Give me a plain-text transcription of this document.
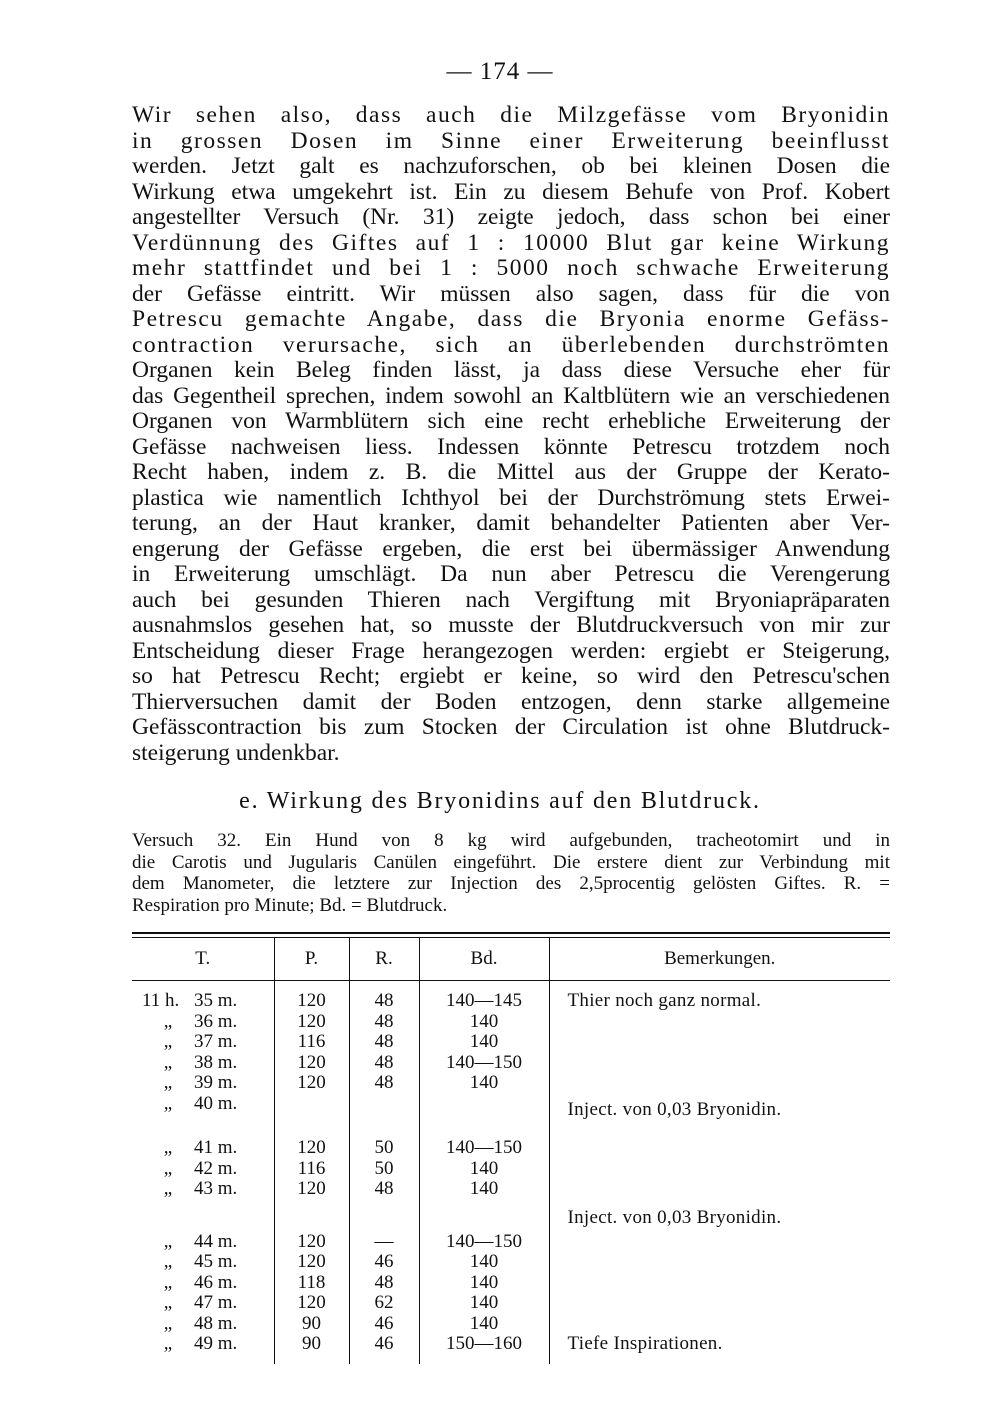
— 174 —
Wir sehen also, dass auch die Milzgefässe vom Bryonidin
in grossen Dosen im Sinne einer Erweiterung beeinflusst
werden. Jetzt galt es nachzuforschen, ob bei kleinen Dosen die
Wirkung etwa umgekehrt ist. Ein zu diesem Behufe von Prof. Kobert
angestellter Versuch (Nr. 31) zeigte jedoch, dass schon bei einer
Verdünnung des Giftes auf 1 : 10000 Blut gar keine Wirkung
mehr stattfindet und bei 1 : 5000 noch schwache Erweiterung
der Gefässe eintritt. Wir müssen also sagen, dass für die von
Petrescu gemachte Angabe, dass die Bryonia enorme Gefäss-
contraction verursache, sich an überlebenden durchströmten
Organen kein Beleg finden lässt, ja dass diese Versuche eher für
das Gegentheil sprechen, indem sowohl an Kaltblütern wie an verschiedenen
Organen von Warmblütern sich eine recht erhebliche Erweiterung der
Gefässe nachweisen liess. Indessen könnte Petrescu trotzdem noch
Recht haben, indem z. B. die Mittel aus der Gruppe der Kerato-
plastica wie namentlich Ichthyol bei der Durchströmung stets Erwei-
terung, an der Haut kranker, damit behandelter Patienten aber Ver-
engerung der Gefässe ergeben, die erst bei übermässiger Anwendung
in Erweiterung umschlägt. Da nun aber Petrescu die Verengerung
auch bei gesunden Thieren nach Vergiftung mit Bryoniapräparaten
ausnahmslos gesehen hat, so musste der Blutdruckversuch von mir zur
Entscheidung dieser Frage herangezogen werden: ergiebt er Steigerung,
so hat Petrescu Recht; ergiebt er keine, so wird den Petrescu'schen
Thierversuchen damit der Boden entzogen, denn starke allgemeine
Gefässcontraction bis zum Stocken der Circulation ist ohne Blutdruck-
steigerung undenkbar.
e. Wirkung des Bryonidins auf den Blutdruck.
Versuch 32. Ein Hund von 8 kg wird aufgebunden, tracheotomirt und in
die Carotis und Jugularis Canülen eingeführt. Die erstere dient zur Verbindung mit
dem Manometer, die letztere zur Injection des 2,5procentig gelösten Giftes. R. =
Respiration pro Minute; Bd. = Blutdruck.
T.	P.	R.	Bd.	Bemerkungen.
11 h. 35 m.	120	48	140—145	Thier noch ganz normal.
„ 36 m.	120	48	140	
„ 37 m.	116	48	140	
„ 38 m.	120	48	140—150	
„ 39 m.	120	48	140	
„ 40 m.				Inject. von 0,03 Bryonidin.

„ 41 m.	120	50	140—150	
„ 42 m.	116	50	140	
„ 43 m.	120	48	140	
				Inject. von 0,03 Bryonidin.
„ 44 m.	120	—	140—150	
„ 45 m.	120	46	140	
„ 46 m.	118	48	140	
„ 47 m.	120	62	140	
„ 48 m.	90	46	140	
„ 49 m.	90	46	150—160	Tiefe Inspirationen.
